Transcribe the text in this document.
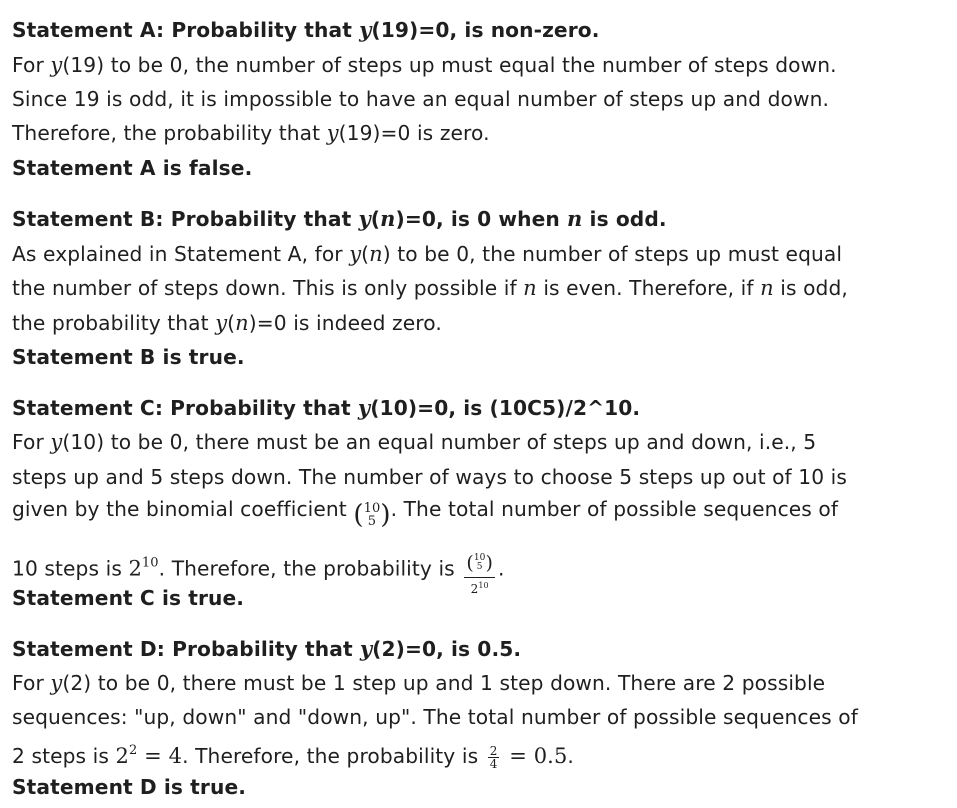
Statement A: Probability that y(19)=0, is non-zero.
For y(19) to be 0, the number of steps up must equal the number of steps down.
Since 19 is odd, it is impossible to have an equal number of steps up and down.
Therefore, the probability that y(19)=0 is zero.
Statement A is false.
Statement B: Probability that y(n)=0, is 0 when n is odd.
As explained in Statement A, for y(n) to be 0, the number of steps up must equal
the number of steps down. This is only possible if n is even. Therefore, if n is odd,
the probability that y(n)=0 is indeed zero.
Statement B is true.
Statement C: Probability that y(10)=0, is (10C5)/2^10.
For y(10) to be 0, there must be an equal number of steps up and down, i.e., 5
steps up and 5 steps down. The number of ways to choose 5 steps up out of 10 is
given by the binomial coefficient ( 10
5 ). The total number of possible sequences of
10 steps is $2^{10}$. Therefore, the probability is ( 10
5 )
$2^{10}$ .
Statement C is true.
Statement D: Probability that y(2)=0, is 0.5.
For y(2) to be 0, there must be 1 step up and 1 step down. There are 2 possible
sequences: "up, down" and "down, up". The total number of possible sequences of
2 steps is $2^2 = 4$. Therefore, the probability is $\frac{2}{4} = 0.5$.
Statement D is true.
